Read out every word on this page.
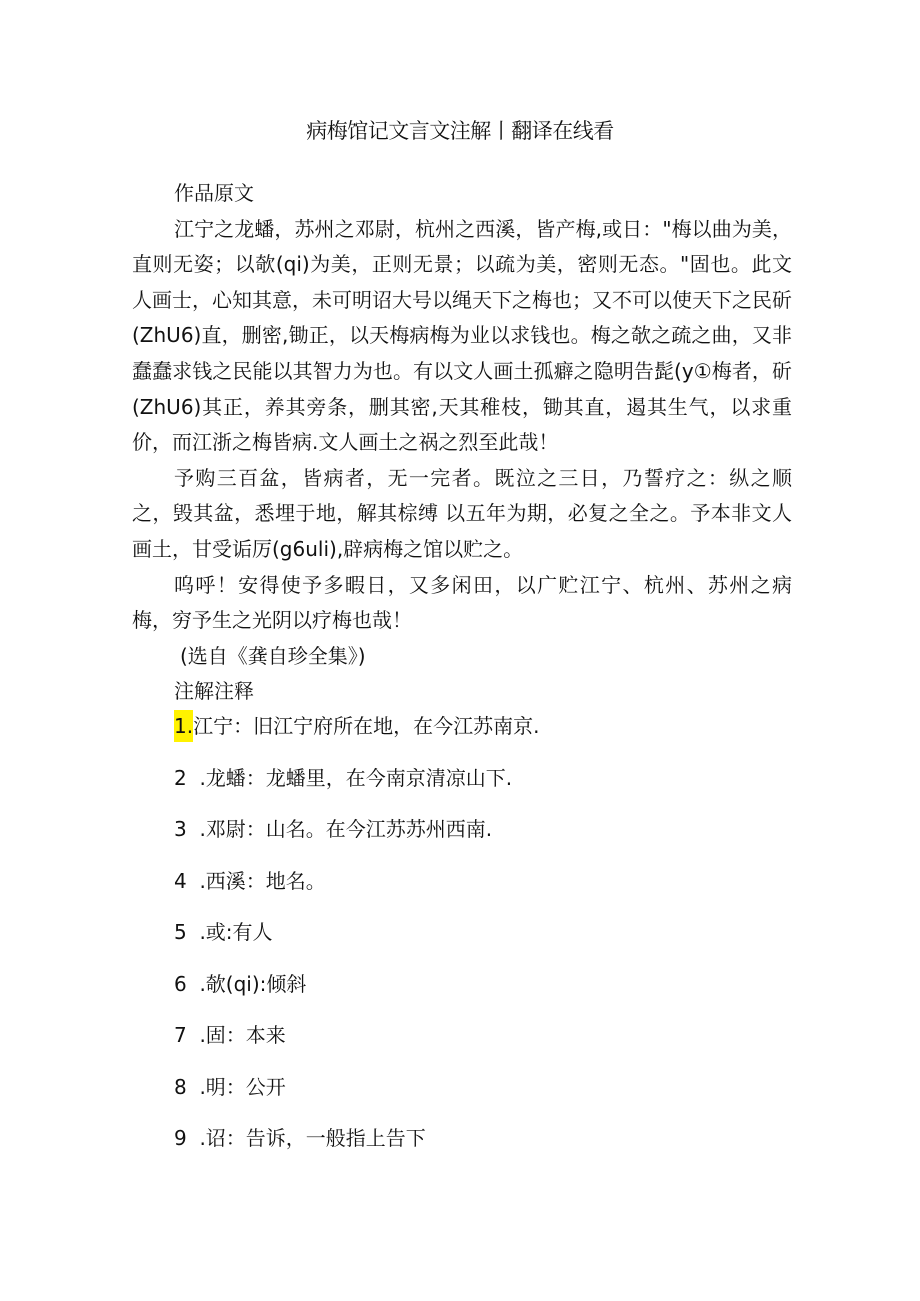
病梅馆记文言文注解丨翻译在线看

作品原文

江宁之龙蟠，苏州之邓尉，杭州之西溪，皆产梅,或日："梅以曲为美，直则无姿；以欹(qi)为美，正则无景；以疏为美，密则无态。"固也。此文人画士，心知其意，未可明诏大号以绳天下之梅也；又不可以使天下之民斫(ZhU6)直，删密,锄正，以天梅病梅为业以求钱也。梅之欹之疏之曲，又非蠢蠢求钱之民能以其智力为也。有以文人画土孤癖之隐明告髭(y①梅者，斫(ZhU6)其正，养其旁条，删其密,天其稚枝，锄其直，遏其生气，以求重价，而江浙之梅皆病.文人画土之祸之烈至此哉！

予购三百盆，皆病者，无一完者。既泣之三日，乃誓疗之：纵之顺之，毁其盆，悉埋于地，解其棕缚 以五年为期，必复之全之。予本非文人画土，甘受诟厉(g6uli),辟病梅之馆以贮之。

呜呼！安得使予多暇日，又多闲田，以广贮江宁、杭州、苏州之病梅，穷予生之光阴以疗梅也哉！

(选自《龚自珍全集》)

注解注释

1.江宁：旧江宁府所在地，在今江苏南京.
2 .龙蟠：龙蟠里，在今南京清凉山下.
3 .邓尉：山名。在今江苏苏州西南.
4 .西溪：地名。
5 .或:有人
6 .欹(qi):倾斜
7 .固：本来
8 .明：公开
9 .诏：告诉，一般指上告下
